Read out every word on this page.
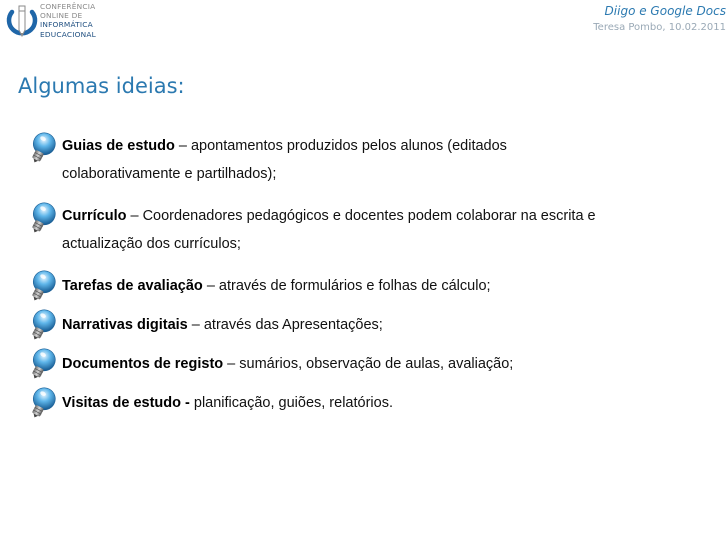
CONFERÊNCIA
ONLINE DE
INFORMÁTICA
EDUCACIONAL
Diigo e Google Docs
Teresa Pombo, 10.02.2011
Algumas ideias:
Guias de estudo – apontamentos produzidos pelos alunos (editados
colaborativamente e partilhados);
Currículo – Coordenadores pedagógicos e docentes podem colaborar na escrita e
actualização dos currículos;
Tarefas de avaliação – através de formulários e folhas de cálculo;
Narrativas digitais – através das Apresentações;
Documentos de registo – sumários, observação de aulas, avaliação;
Visitas de estudo - planificação, guiões, relatórios.
